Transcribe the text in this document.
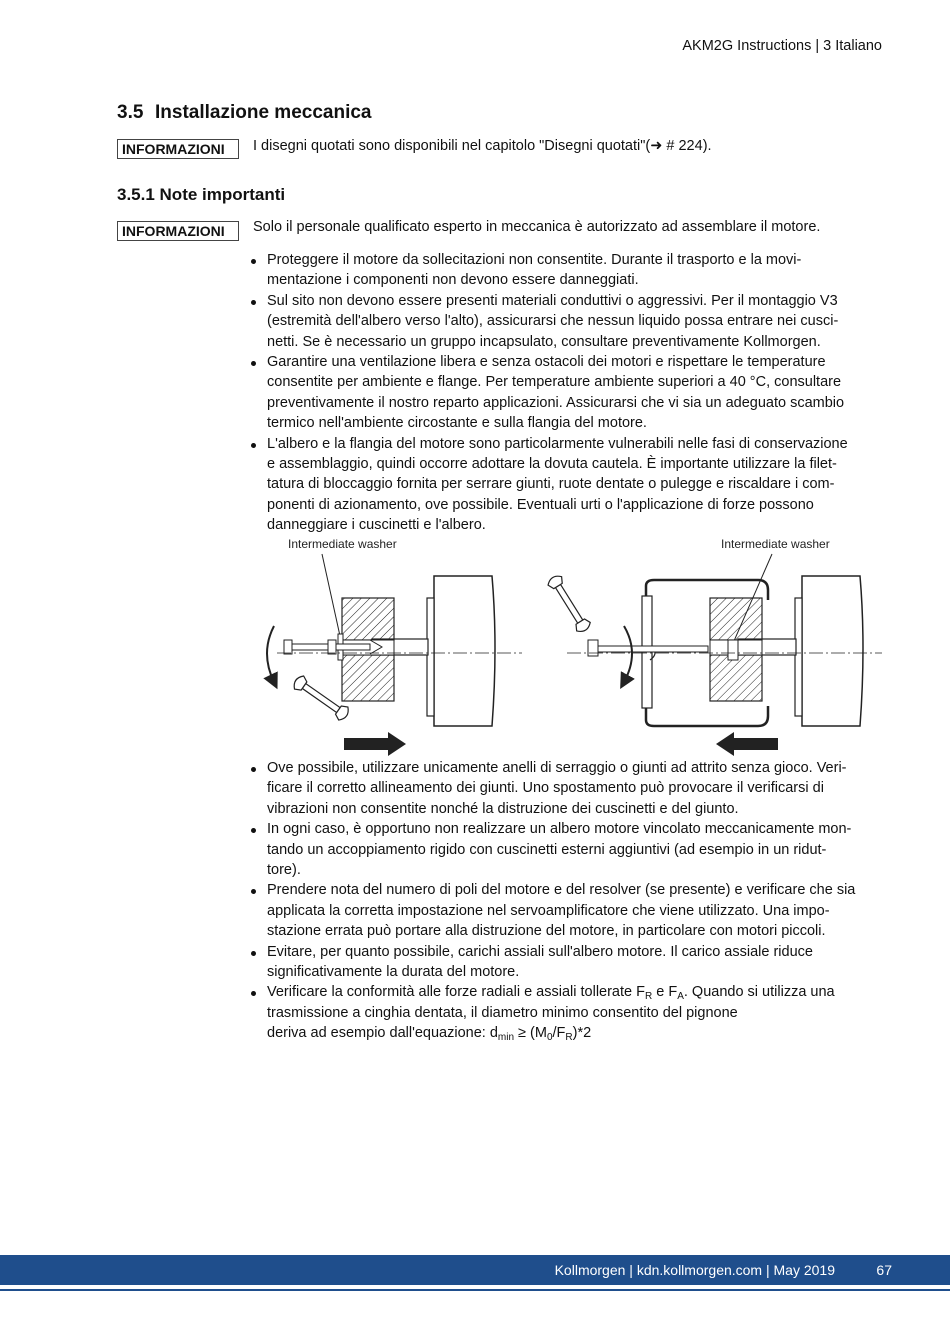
AKM2G Instructions | 3 Italiano
3.5 Installazione meccanica
INFORMAZIONI	I disegni quotati sono disponibili nel capitolo "Disegni quotati"(➜ # 224).
3.5.1 Note importanti
INFORMAZIONI	Solo il personale qualificato esperto in meccanica è autorizzato ad assemblare il motore.
Proteggere il motore da sollecitazioni non consentite. Durante il trasporto e la movi-
mentazione i componenti non devono essere danneggiati.
Sul sito non devono essere presenti materiali conduttivi o aggressivi. Per il montaggio V3
(estremità dell'albero verso l'alto), assicurarsi che nessun liquido possa entrare nei cusci-
netti. Se è necessario un gruppo incapsulato, consultare preventivamente Kollmorgen.
Garantire una ventilazione libera e senza ostacoli dei motori e rispettare le temperature
consentite per ambiente e flange. Per temperature ambiente superiori a 40 °C, consultare
preventivamente il nostro reparto applicazioni. Assicurarsi che vi sia un adeguato scambio
termico nell'ambiente circostante e sulla flangia del motore.
L'albero e la flangia del motore sono particolarmente vulnerabili nelle fasi di conservazione
e assemblaggio, quindi occorre adottare la dovuta cautela. È importante utilizzare la filet-
tatura di bloccaggio fornita per serrare giunti, ruote dentate o pulegge e riscaldare i com-
ponenti di azionamento, ove possibile. Eventuali urti o l'applicazione di forze possono
danneggiare i cuscinetti e l'albero.
Intermediate washer	Intermediate washer
Ove possibile, utilizzare unicamente anelli di serraggio o giunti ad attrito senza gioco. Veri-
ficare il corretto allineamento dei giunti. Uno spostamento può provocare il verificarsi di
vibrazioni non consentite nonché la distruzione dei cuscinetti e del giunto.
In ogni caso, è opportuno non realizzare un albero motore vincolato meccanicamente mon-
tando un accoppiamento rigido con cuscinetti esterni aggiuntivi (ad esempio in un ridut-
tore).
Prendere nota del numero di poli del motore e del resolver (se presente) e verificare che sia
applicata la corretta impostazione nel servoamplificatore che viene utilizzato. Una impo-
stazione errata può portare alla distruzione del motore, in particolare con motori piccoli.
Evitare, per quanto possibile, carichi assiali sull'albero motore. Il carico assiale riduce
significativamente la durata del motore.
Verificare la conformità alle forze radiali e assiali tollerate $F_R$ e $F_A$. Quando si utilizza una
trasmissione a cinghia dentata, il diametro minimo consentito del pignone
deriva ad esempio dall'equazione: $d_{min} \ge (M_0/F_R)*2$
Kollmorgen | kdn.kollmorgen.com | May 2019	67
